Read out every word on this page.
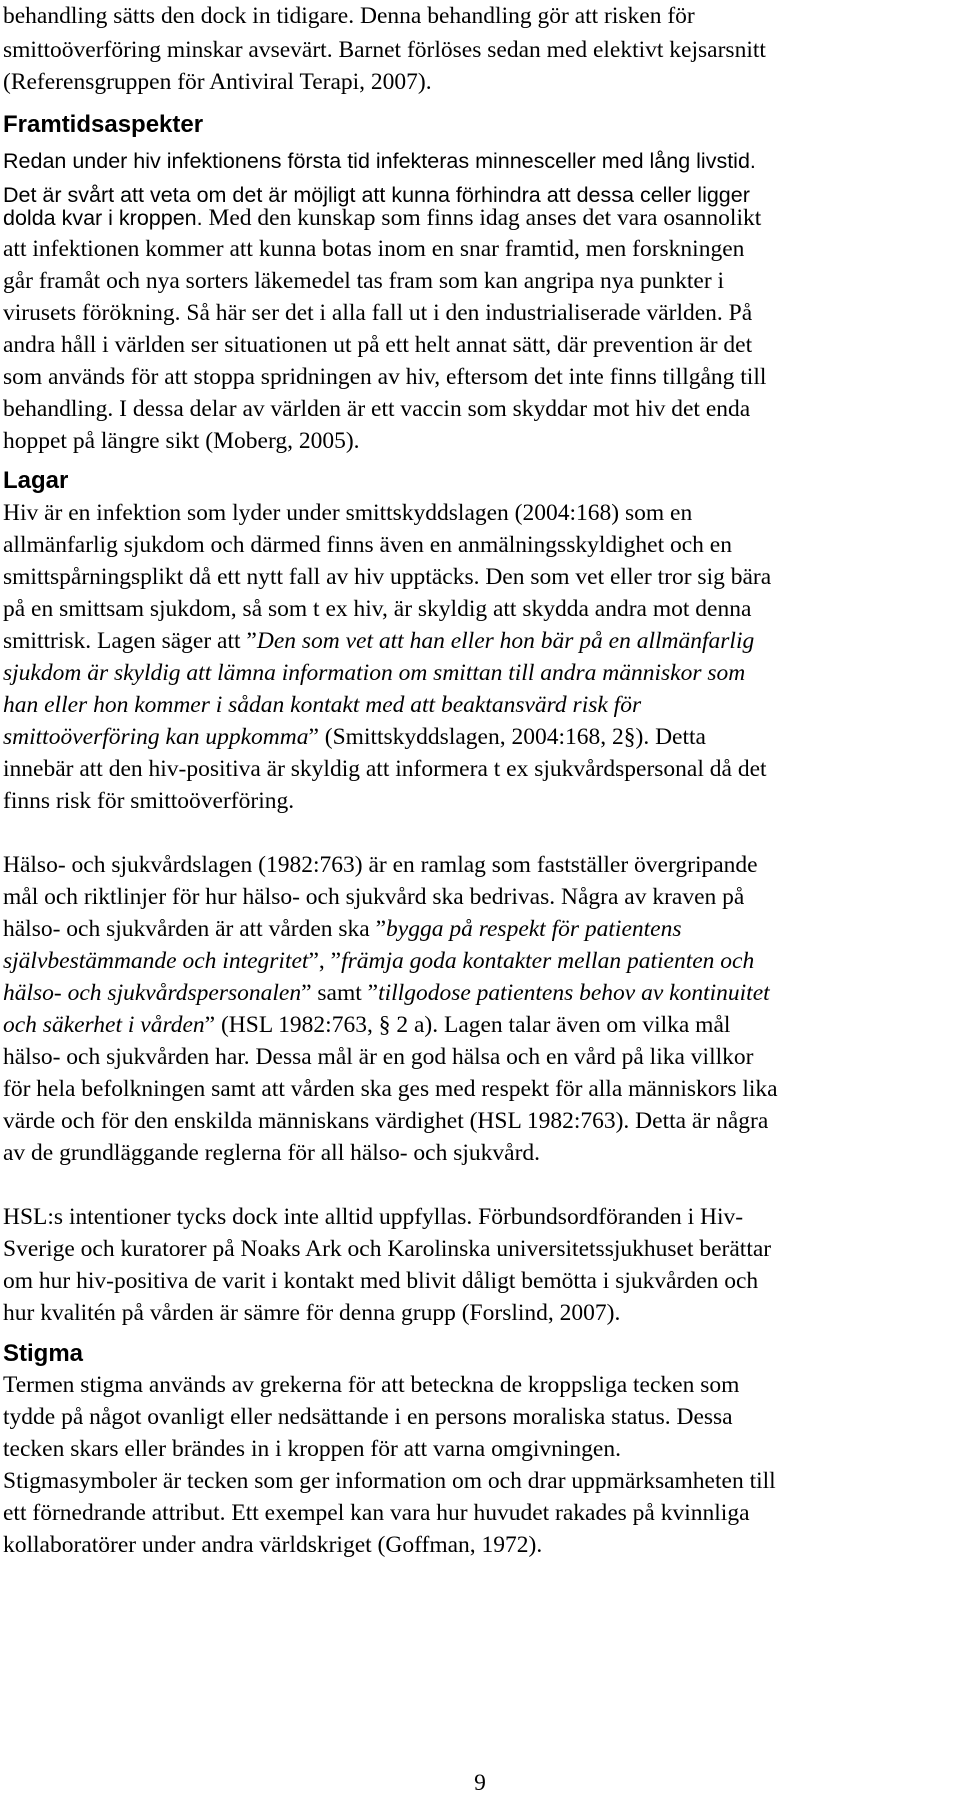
behandling sätts den dock in tidigare. Denna behandling gör att risken för
smittoöverföring minskar avsevärt. Barnet förlöses sedan med elektivt kejsarsnitt
(Referensgruppen för Antiviral Terapi, 2007).
Framtidsaspekter
Redan under hiv infektionens första tid infekteras minnesceller med lång livstid.
Det är svårt att veta om det är möjligt att kunna förhindra att dessa celler ligger
dolda kvar i kroppen. Med den kunskap som finns idag anses det vara osannolikt
att infektionen kommer att kunna botas inom en snar framtid, men forskningen
går framåt och nya sorters läkemedel tas fram som kan angripa nya punkter i
virusets förökning. Så här ser det i alla fall ut i den industrialiserade världen. På
andra håll i världen ser situationen ut på ett helt annat sätt, där prevention är det
som används för att stoppa spridningen av hiv, eftersom det inte finns tillgång till
behandling. I dessa delar av världen är ett vaccin som skyddar mot hiv det enda
hoppet på längre sikt (Moberg, 2005).
Lagar
Hiv är en infektion som lyder under smittskyddslagen (2004:168) som en
allmänfarlig sjukdom och därmed finns även en anmälningsskyldighet och en
smittspårningsplikt då ett nytt fall av hiv upptäcks. Den som vet eller tror sig bära
på en smittsam sjukdom, så som t ex hiv, är skyldig att skydda andra mot denna
smittrisk. Lagen säger att ”Den som vet att han eller hon bär på en allmänfarlig
sjukdom är skyldig att lämna information om smittan till andra människor som
han eller hon kommer i sådan kontakt med att beaktansvärd risk för
smittoöverföring kan uppkomma” (Smittskyddslagen, 2004:168, 2§). Detta
innebär att den hiv-positiva är skyldig att informera t ex sjukvårdspersonal då det
finns risk för smittoöverföring.
Hälso- och sjukvårdslagen (1982:763) är en ramlag som fastställer övergripande
mål och riktlinjer för hur hälso- och sjukvård ska bedrivas. Några av kraven på
hälso- och sjukvården är att vården ska ”bygga på respekt för patientens
självbestämmande och integritet”, ”främja goda kontakter mellan patienten och
hälso- och sjukvårdspersonalen” samt ”tillgodose patientens behov av kontinuitet
och säkerhet i vården” (HSL 1982:763, § 2 a). Lagen talar även om vilka mål
hälso- och sjukvården har. Dessa mål är en god hälsa och en vård på lika villkor
för hela befolkningen samt att vården ska ges med respekt för alla människors lika
värde och för den enskilda människans värdighet (HSL 1982:763). Detta är några
av de grundläggande reglerna för all hälso- och sjukvård.
HSL:s intentioner tycks dock inte alltid uppfyllas. Förbundsordföranden i Hiv-
Sverige och kuratorer på Noaks Ark och Karolinska universitetssjukhuset berättar
om hur hiv-positiva de varit i kontakt med blivit dåligt bemötta i sjukvården och
hur kvalitén på vården är sämre för denna grupp (Forslind, 2007).
Stigma
Termen stigma används av grekerna för att beteckna de kroppsliga tecken som
tydde på något ovanligt eller nedsättande i en persons moraliska status. Dessa
tecken skars eller brändes in i kroppen för att varna omgivningen.
Stigmasymboler är tecken som ger information om och drar uppmärksamheten till
ett förnedrande attribut. Ett exempel kan vara hur huvudet rakades på kvinnliga
kollaboratörer under andra världskriget (Goffman, 1972).
9
